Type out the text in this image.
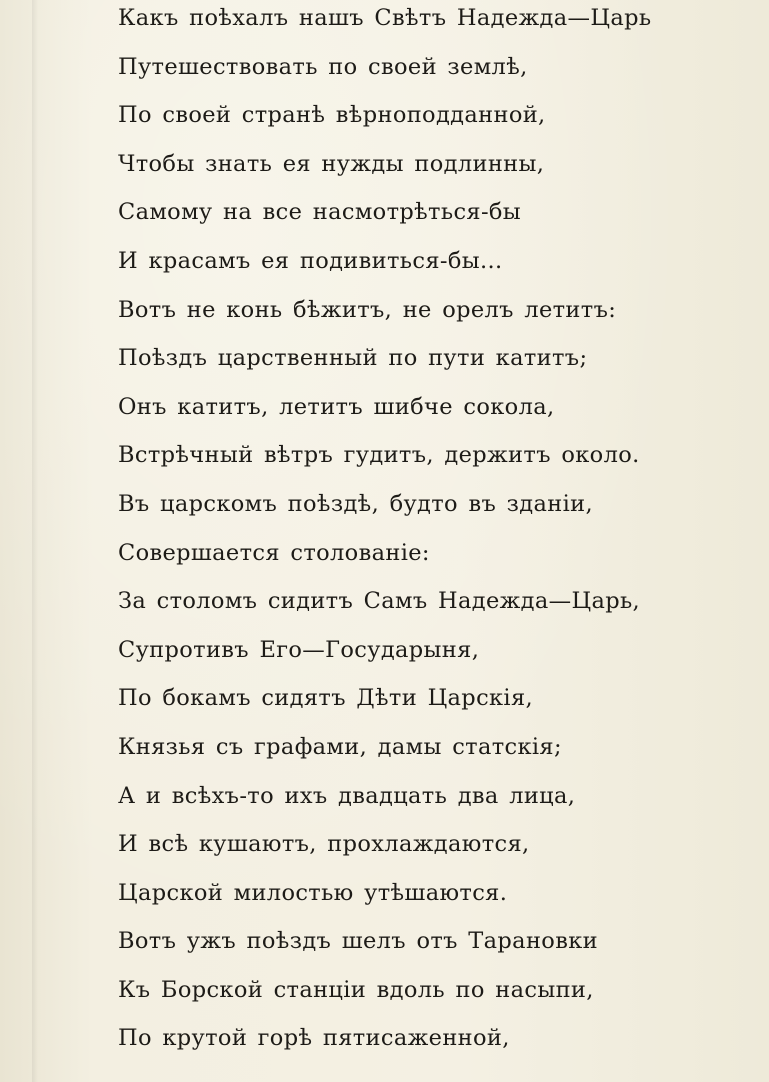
Какъ поѣхалъ нашъ Свѣтъ Надежда—Царь
Путешествовать по своей землѣ,
По своей странѣ вѣрноподданной,
Чтобы знать ея нужды подлинны,
Самому на все насмотрѣться-бы
И красамъ ея подивиться-бы...
Вотъ не конь бѣжитъ, не орелъ летитъ:
Поѣздъ царственный по пути катитъ;
Онъ катитъ, летитъ шибче сокола,
Встрѣчный вѣтръ гудитъ, держитъ около.
Въ царскомъ поѣздѣ, будто въ зданіи,
Совершается столованіе:
За столомъ сидитъ Самъ Надежда—Царь,
Супротивъ Его—Государыня,
По бокамъ сидятъ Дѣти Царскія,
Князья съ графами, дамы статскія;
А и всѣхъ-то ихъ двадцать два лица,
И всѣ кушаютъ, прохлаждаются,
Царской милостью утѣшаются.
Вотъ ужъ поѣздъ шелъ отъ Тарановки
Къ Борской станціи вдоль по насыпи,
По крутой горѣ пятисаженной,
